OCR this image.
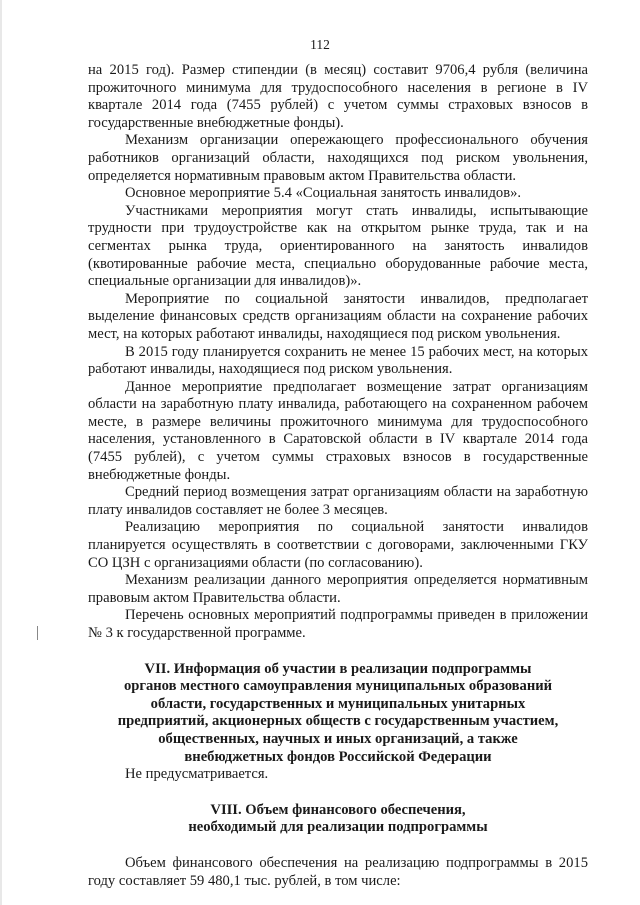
112

на 2015 год). Размер стипендии (в месяц) составит 9706,4 рубля (величина прожиточного минимума для трудоспособного населения в регионе в IV квартале 2014 года (7455 рублей) с учетом суммы страховых взносов в государственные внебюджетные фонды).

Механизм организации опережающего профессионального обучения работников организаций области, находящихся под риском увольнения, определяется нормативным правовым актом Правительства области.

Основное мероприятие 5.4 «Социальная занятость инвалидов».

Участниками мероприятия могут стать инвалиды, испытывающие трудности при трудоустройстве как на открытом рынке труда, так и на сегментах рынка труда, ориентированного на занятость инвалидов (квотированные рабочие места, специально оборудованные рабочие места, специальные организации для инвалидов)».

Мероприятие по социальной занятости инвалидов, предполагает выделение финансовых средств организациям области на сохранение рабочих мест, на которых работают инвалиды, находящиеся под риском увольнения.

В 2015 году планируется сохранить не менее 15 рабочих мест, на которых работают инвалиды, находящиеся под риском увольнения.

Данное мероприятие предполагает возмещение затрат организациям области на заработную плату инвалида, работающего на сохраненном рабочем месте, в размере величины прожиточного минимума для трудоспособного населения, установленного в Саратовской области в IV квартале 2014 года (7455 рублей), с учетом суммы страховых взносов в государственные внебюджетные фонды.

Средний период возмещения затрат организациям области на заработную плату инвалидов составляет не более 3 месяцев.

Реализацию мероприятия по социальной занятости инвалидов планируется осуществлять в соответствии с договорами, заключенными ГКУ СО ЦЗН с организациями области (по согласованию).

Механизм реализации данного мероприятия определяется нормативным правовым актом Правительства области.

Перечень основных мероприятий подпрограммы приведен в приложении № 3 к государственной программе.

VII. Информация об участии в реализации подпрограммы
органов местного самоуправления муниципальных образований
области, государственных и муниципальных унитарных
предприятий, акционерных обществ с государственным участием,
общественных, научных и иных организаций, а также
внебюджетных фондов Российской Федерации

Не предусматривается.

VIII. Объем финансового обеспечения,
необходимый для реализации подпрограммы

Объем финансового обеспечения на реализацию подпрограммы в 2015 году составляет 59 480,1 тыс. рублей, в том числе:
